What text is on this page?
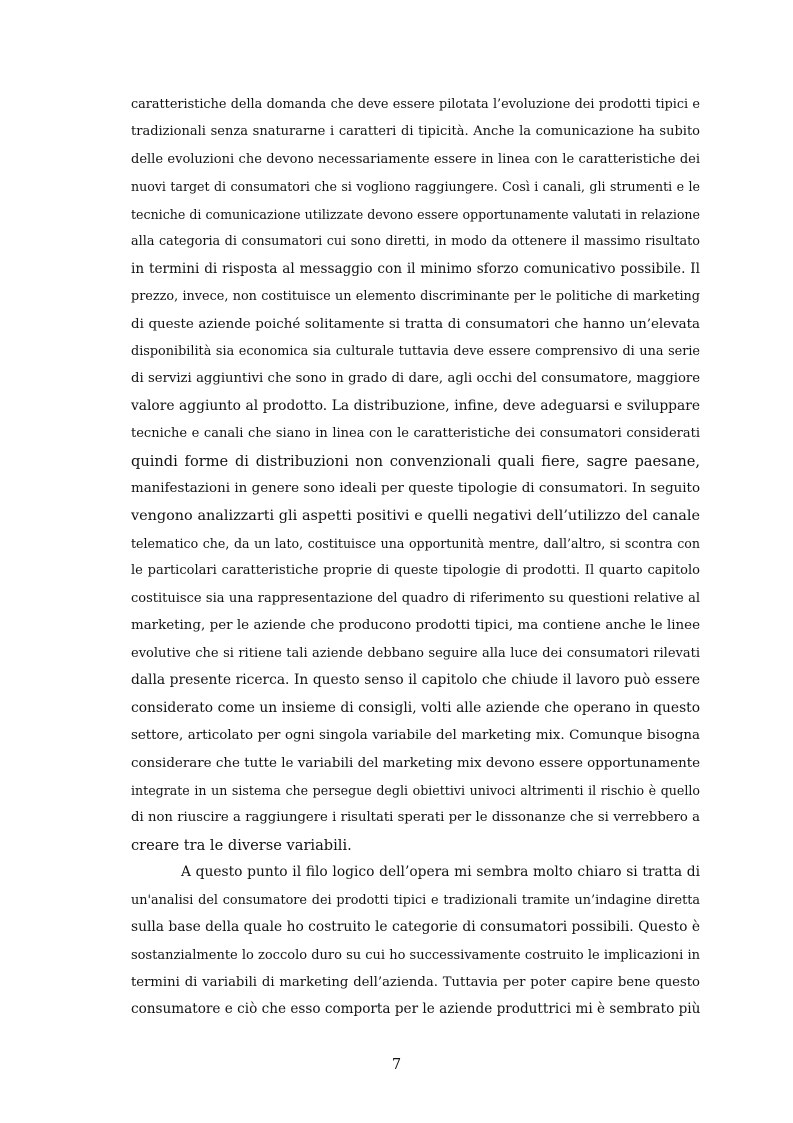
caratteristiche della domanda che deve essere pilotata l’evoluzione dei prodotti tipici e
tradizionali senza snaturarne i caratteri di tipicità. Anche la comunicazione ha subito
delle evoluzioni che devono necessariamente essere in linea con le caratteristiche dei
nuovi target di consumatori che si vogliono raggiungere. Così i canali, gli strumenti e le
tecniche di comunicazione utilizzate devono essere opportunamente valutati in relazione
alla categoria di consumatori cui sono diretti, in modo da ottenere il massimo risultato
in termini di risposta al messaggio con il minimo sforzo comunicativo possibile. Il
prezzo, invece, non costituisce un elemento discriminante per le politiche di marketing
di queste aziende poiché solitamente si tratta di consumatori che hanno un’elevata
disponibilità sia economica sia culturale tuttavia deve essere comprensivo di una serie
di servizi aggiuntivi che sono in grado di dare, agli occhi del consumatore, maggiore
valore aggiunto al prodotto. La distribuzione, infine, deve adeguarsi e sviluppare
tecniche e canali che siano in linea con le caratteristiche dei consumatori considerati
quindi forme di distribuzioni non convenzionali quali fiere, sagre paesane,
manifestazioni in genere sono ideali per queste tipologie di consumatori. In seguito
vengono analizzarti gli aspetti positivi e quelli negativi dell’utilizzo del canale
telematico che, da un lato, costituisce una opportunità mentre, dall’altro, si scontra con
le particolari caratteristiche proprie di queste tipologie di prodotti. Il quarto capitolo
costituisce sia una rappresentazione del quadro di riferimento su questioni relative al
marketing, per le aziende che producono prodotti tipici, ma contiene anche le linee
evolutive che si ritiene tali aziende debbano seguire alla luce dei consumatori rilevati
dalla presente ricerca. In questo senso il capitolo che chiude il lavoro può essere
considerato come un insieme di consigli, volti alle aziende che operano in questo
settore, articolato per ogni singola variabile del marketing mix. Comunque bisogna
considerare che tutte le variabili del marketing mix devono essere opportunamente
integrate in un sistema che persegue degli obiettivi univoci altrimenti il rischio è quello
di non riuscire a raggiungere i risultati sperati per le dissonanze che si verrebbero a
creare tra le diverse variabili.

A questo punto il filo logico dell’opera mi sembra molto chiaro si tratta di
un'analisi del consumatore dei prodotti tipici e tradizionali tramite un’indagine diretta
sulla base della quale ho costruito le categorie di consumatori possibili. Questo è
sostanzialmente lo zoccolo duro su cui ho successivamente costruito le implicazioni in
termini di variabili di marketing dell’azienda. Tuttavia per poter capire bene questo
consumatore e ciò che esso comporta per le aziende produttrici mi è sembrato più

7
